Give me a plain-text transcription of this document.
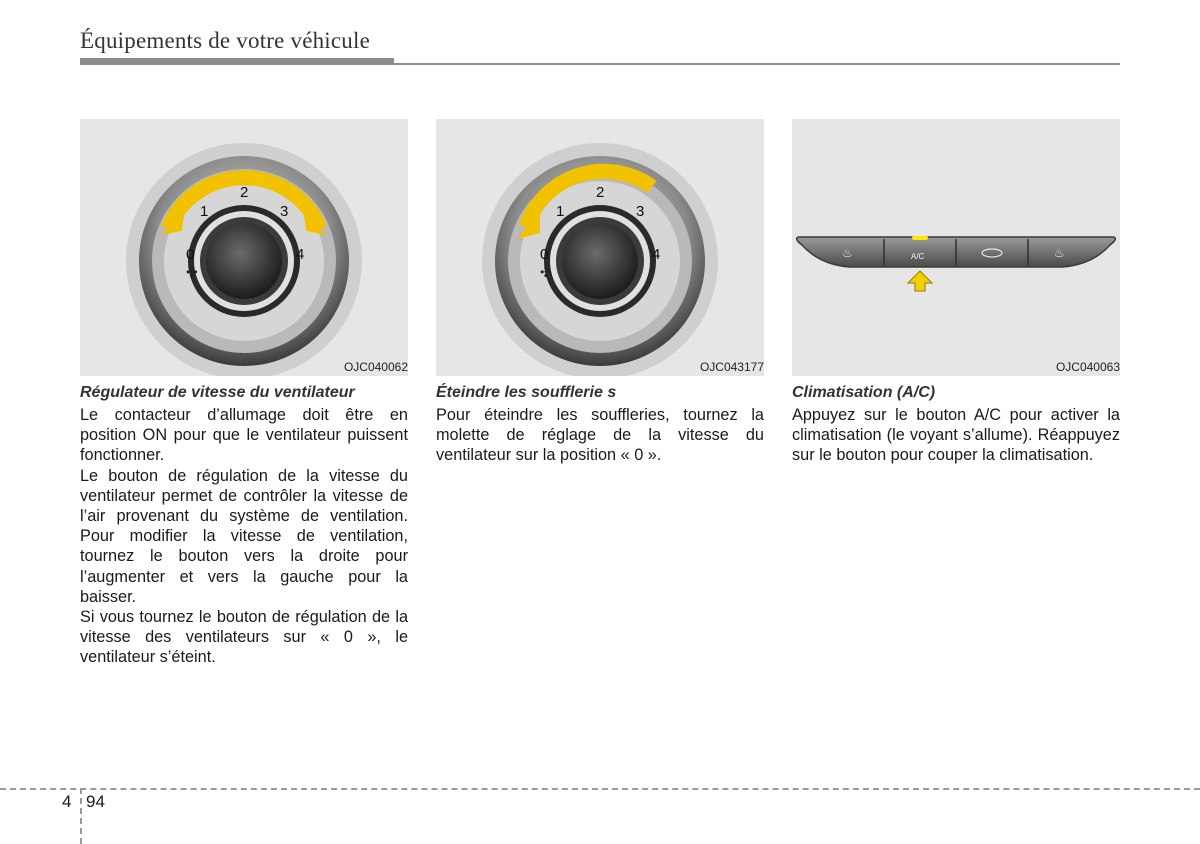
Équipements de votre véhicule
0
1
2
3
4
✣
OJC040062
0
1
2
3
4
✣
OJC043177
♨	♨
A/C
OJC040063

Régulateur de vitesse du ventilateur

Le contacteur d’allumage doit être en position ON pour que le ventilateur puissent fonctionner.

Le bouton de régulation de la vitesse du ventilateur permet de contrôler la vitesse de l’air provenant du système de ventilation. Pour modifier la vitesse de ventilation, tournez le bouton vers la droite pour l’augmenter et vers la gauche pour la baisser.

Si vous tournez le bouton de régulation de la vitesse des ventilateurs sur « 0 », le ventilateur s’éteint.

Éteindre les soufflerie s

Pour éteindre les souffleries, tournez la molette de réglage de la vitesse du ventilateur sur la position « 0 ».

Climatisation (A/C)

Appuyez sur le bouton A/C pour activer la climatisation (le voyant s’allume). Réappuyez sur le bouton pour couper la climatisation.

4 94
